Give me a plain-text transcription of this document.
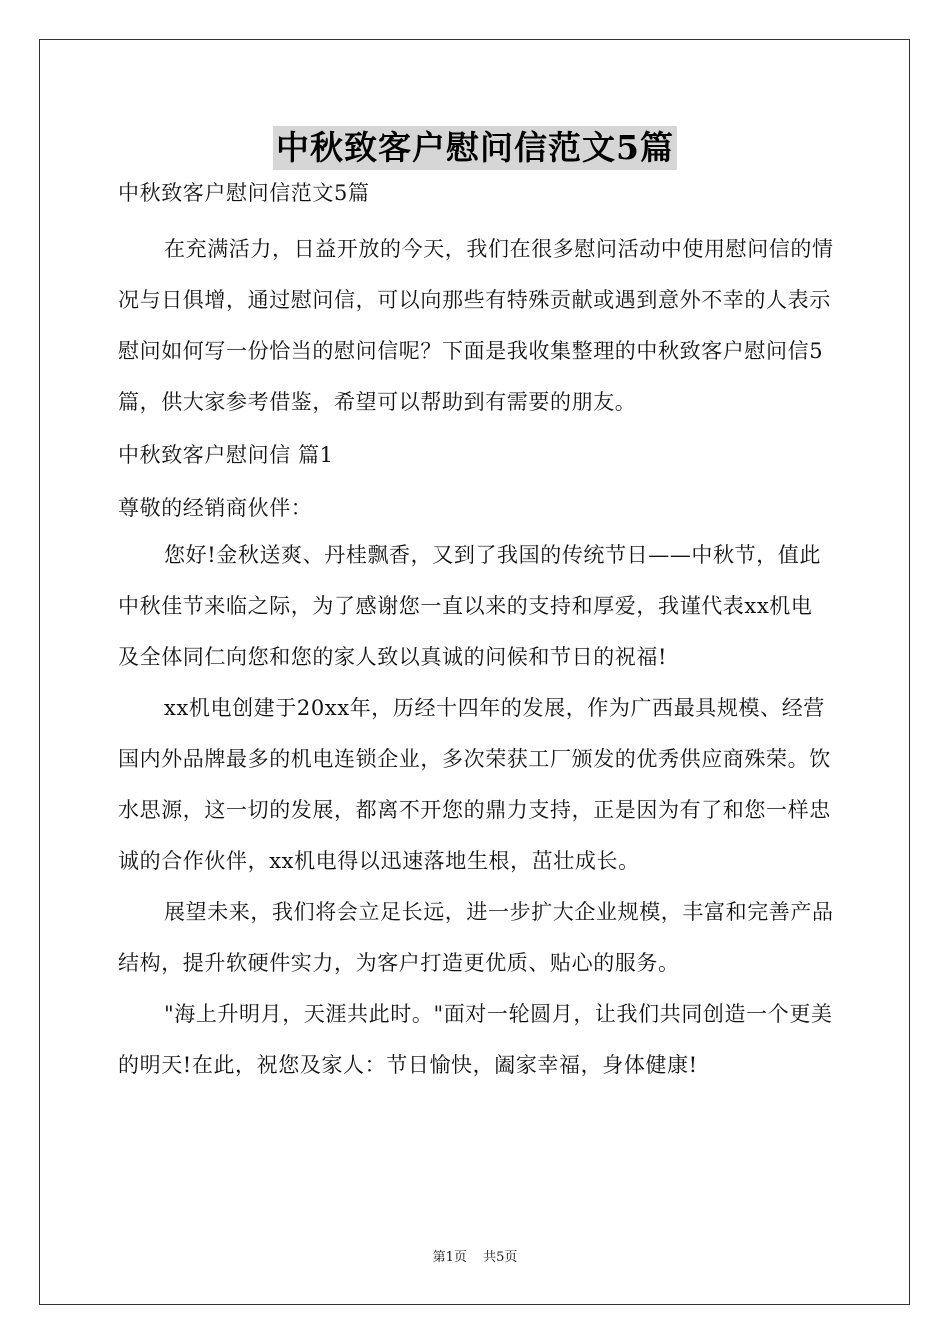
中秋致客户慰问信范文5篇

中秋致客户慰问信范文5篇

在充满活力，日益开放的今天，我们在很多慰问活动中使用慰问信的情况与日俱增，通过慰问信，可以向那些有特殊贡献或遇到意外不幸的人表示慰问如何写一份恰当的慰问信呢？下面是我收集整理的中秋致客户慰问信5篇，供大家参考借鉴，希望可以帮助到有需要的朋友。

中秋致客户慰问信 篇1

尊敬的经销商伙伴：

您好!金秋送爽、丹桂飘香，又到了我国的传统节日——中秋节，值此中秋佳节来临之际，为了感谢您一直以来的支持和厚爱，我谨代表xx机电及全体同仁向您和您的家人致以真诚的问候和节日的祝福!

xx机电创建于20xx年，历经十四年的发展，作为广西最具规模、经营国内外品牌最多的机电连锁企业，多次荣获工厂颁发的优秀供应商殊荣。饮水思源，这一切的发展，都离不开您的鼎力支持，正是因为有了和您一样忠诚的合作伙伴，xx机电得以迅速落地生根，茁壮成长。

展望未来，我们将会立足长远，进一步扩大企业规模，丰富和完善产品结构，提升软硬件实力，为客户打造更优质、贴心的服务。

"海上升明月，天涯共此时。"面对一轮圆月，让我们共同创造一个更美的明天!在此，祝您及家人：节日愉快，阖家幸福，身体健康!

第1页 共5页
